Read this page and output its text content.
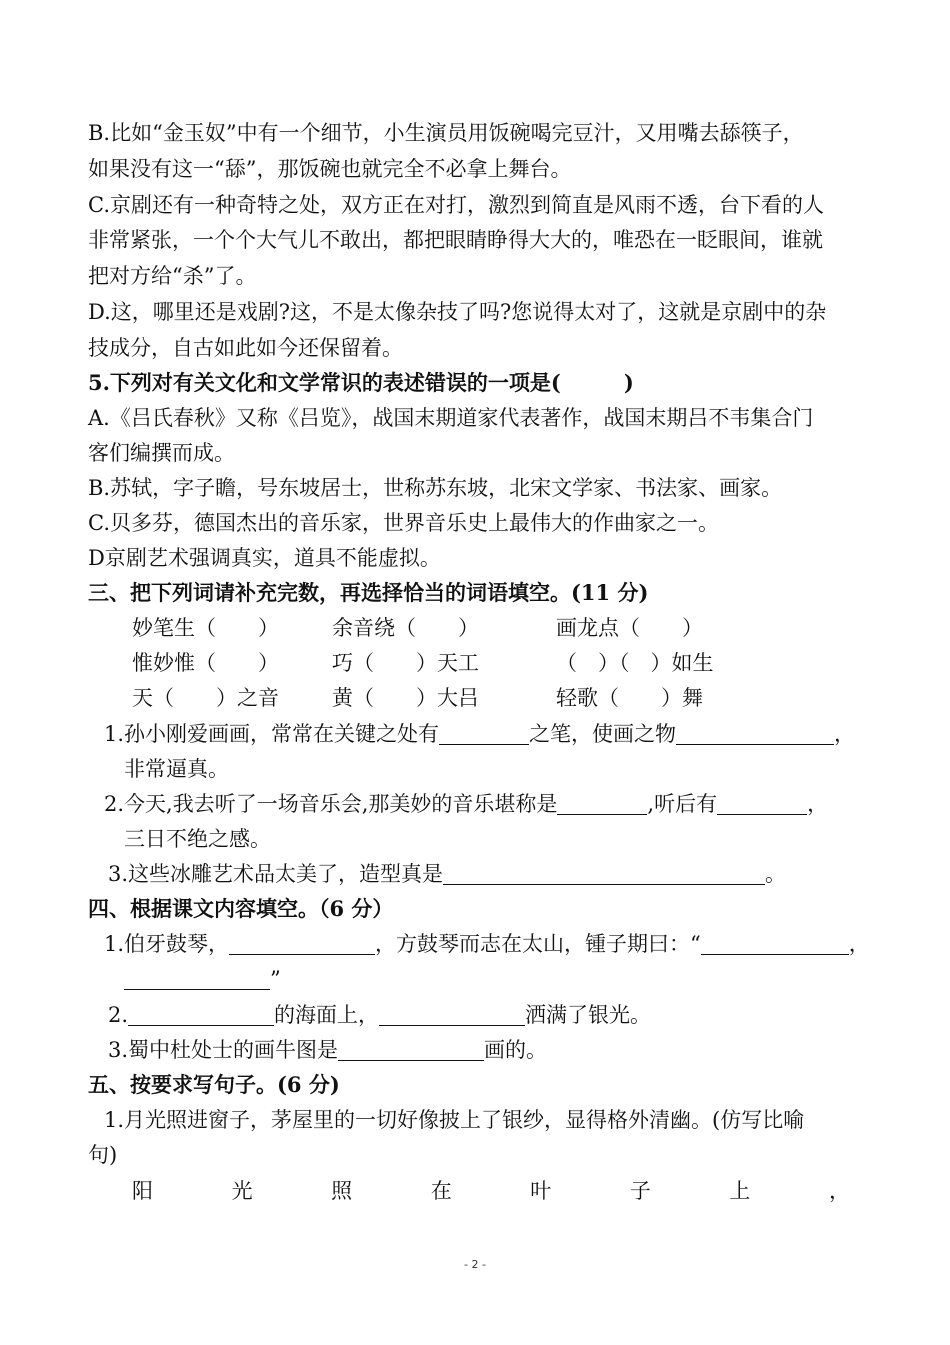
B.比如“金玉奴”中有一个细节，小生演员用饭碗喝完豆汁，又用嘴去舔筷子，
如果没有这一“舔”，那饭碗也就完全不必拿上舞台。
C.京剧还有一种奇特之处，双方正在对打，激烈到简直是风雨不透，台下看的人
非常紧张，一个个大气儿不敢出，都把眼睛睁得大大的，唯恐在一眨眼间，谁就
把对方给“杀”了。
D.这，哪里还是戏剧?这，不是太像杂技了吗?您说得太对了，这就是京剧中的杂
技成分，自古如此如今还保留着。
5.下列对有关文化和文学常识的表述错误的一项是(　　　)
A.《吕氏春秋》又称《吕览》，战国末期道家代表著作，战国末期吕不韦集合门
客们编撰而成。
B.苏轼，字子瞻，号东坡居士，世称苏东坡，北宋文学家、书法家、画家。
C.贝多芬，德国杰出的音乐家，世界音乐史上最伟大的作曲家之一。
D京剧艺术强调真实，道具不能虚拟。
三、把下列词请补充完数，再选择恰当的词语填空。(11 分)
妙笔生（　　）	余音绕（　　）	画龙点（　　）
惟妙惟（　　）	巧（　　）天工	（　）（　）如生
天（　　）之音	黄（　　）大吕	轻歌（　　）舞
1.孙小刚爱画画，常常在关键之处有	之笔，使画之物	，
非常逼真。
2.今天,我去听了一场音乐会,那美妙的音乐堪称是	,听后有	，
三日不绝之感。
3.这些冰雕艺术品太美了，造型真是	。
四、根据课文内容填空。（6 分）
1.伯牙鼓琴，	，方鼓琴而志在太山，锺子期曰：“	，
”
2.	的海面上，	洒满了银光。
3.蜀中杜处士的画牛图是	画的。
五、按要求写句子。(6 分)
1.月光照进窗子，茅屋里的一切好像披上了银纱，显得格外清幽。(仿写比喻
句)
阳	光	照	在	叶	子	上	，
- 2 -
